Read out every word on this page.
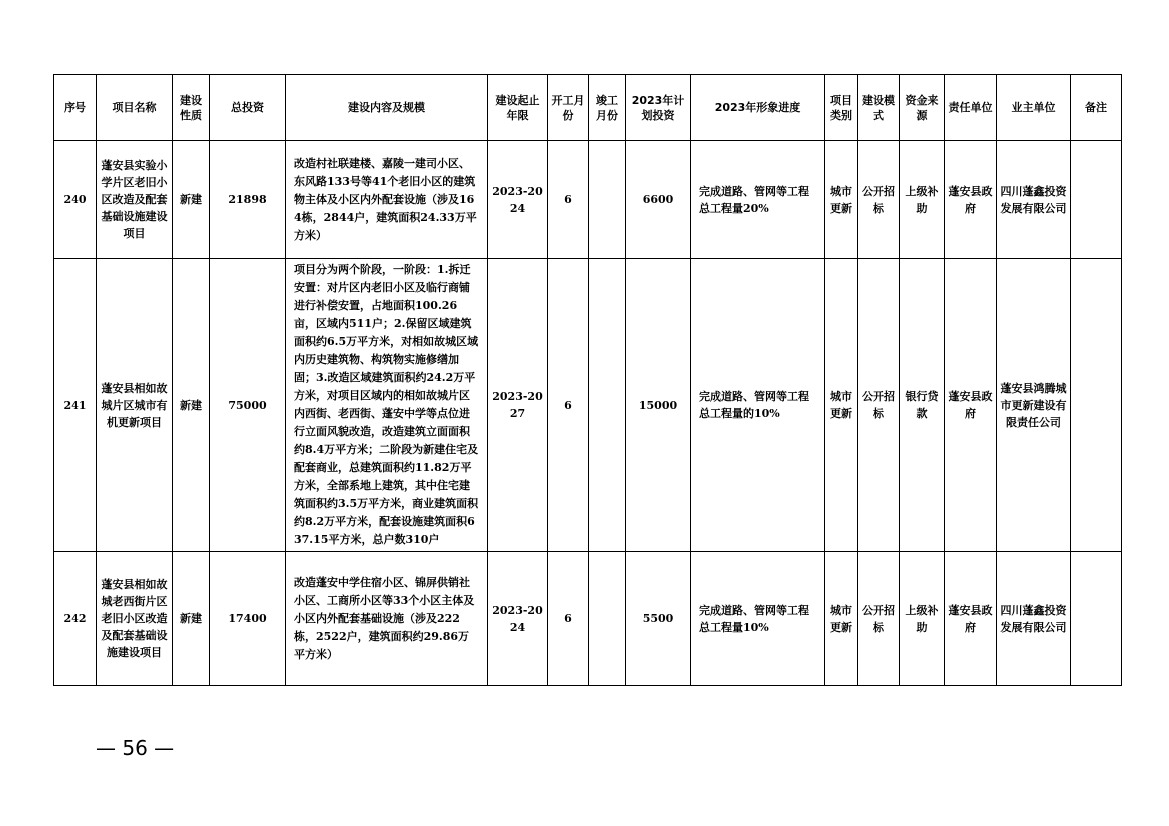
序号	项目名称	建设性质	总投资	建设内容及规模	建设起止年限	开工月份	竣工月份	2023年计划投资	2023年形象进度	项目类别	建设模式	资金来源	责任单位	业主单位	备注
240	蓬安县实验小学片区老旧小区改造及配套基础设施建设项目	新建	21898	改造村社联建楼、嘉陵一建司小区、东风路133号等41个老旧小区的建筑物主体及小区内外配套设施（涉及164栋，2844户，建筑面积24.33万平方米）	2023-2024	6		6600	完成道路、管网等工程总工程量20%	城市更新	公开招标	上级补助	蓬安县政府	四川蓬鑫投资发展有限公司	
241	蓬安县相如故城片区城市有机更新项目	新建	75000	项目分为两个阶段，一阶段：1.拆迁安置：对片区内老旧小区及临行商铺进行补偿安置，占地面积100.26亩，区域内511户；2.保留区域建筑面积约6.5万平方米，对相如故城区域内历史建筑物、构筑物实施修缮加固；3.改造区域建筑面积约24.2万平方米，对项目区域内的相如故城片区内西街、老西街、蓬安中学等点位进行立面风貌改造，改造建筑立面面积约8.4万平方米；二阶段为新建住宅及配套商业，总建筑面积约11.82万平方米，全部系地上建筑，其中住宅建筑面积约3.5万平方米，商业建筑面积约8.2万平方米，配套设施建筑面积637.15平方米，总户数310户	2023-2027	6		15000	完成道路、管网等工程总工程量的10%	城市更新	公开招标	银行贷款	蓬安县政府	蓬安县鸿腾城市更新建设有限责任公司	
242	蓬安县相如故城老西街片区老旧小区改造及配套基础设施建设项目	新建	17400	改造蓬安中学住宿小区、锦屏供销社小区、工商所小区等33个小区主体及小区内外配套基础设施（涉及222栋，2522户，建筑面积约29.86万平方米）	2023-2024	6		5500	完成道路、管网等工程总工程量10%	城市更新	公开招标	上级补助	蓬安县政府	四川蓬鑫投资发展有限公司	
— 56 —
